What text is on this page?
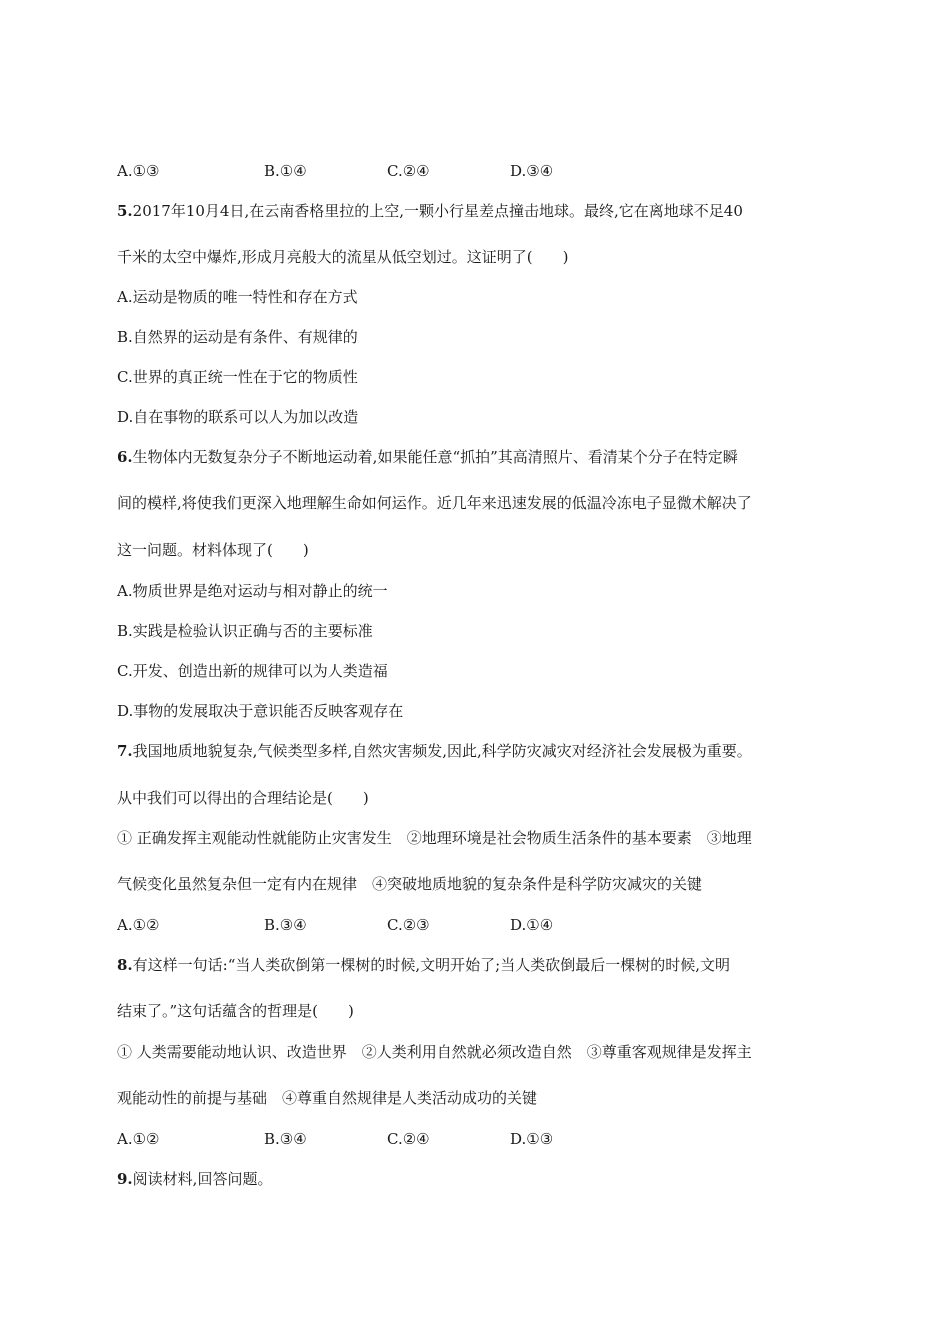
A.①③	B.①④	C.②④	D.③④
5.2017年10月4日,在云南香格里拉的上空,一颗小行星差点撞击地球。最终,它在离地球不足40
千米的太空中爆炸,形成月亮般大的流星从低空划过。这证明了(　　)
A.运动是物质的唯一特性和存在方式
B.自然界的运动是有条件、有规律的
C.世界的真正统一性在于它的物质性
D.自在事物的联系可以人为加以改造
6.生物体内无数复杂分子不断地运动着,如果能任意“抓拍”其高清照片、看清某个分子在特定瞬
间的模样,将使我们更深入地理解生命如何运作。近几年来迅速发展的低温冷冻电子显微术解决了
这一问题。材料体现了(　　)
A.物质世界是绝对运动与相对静止的统一
B.实践是检验认识正确与否的主要标准
C.开发、创造出新的规律可以为人类造福
D.事物的发展取决于意识能否反映客观存在
7.我国地质地貌复杂,气候类型多样,自然灾害频发,因此,科学防灾减灾对经济社会发展极为重要。
从中我们可以得出的合理结论是(　　)
① 正确发挥主观能动性就能防止灾害发生　②地理环境是社会物质生活条件的基本要素　③地理
气候变化虽然复杂但一定有内在规律　④突破地质地貌的复杂条件是科学防灾减灾的关键
A.①②	B.③④	C.②③	D.①④
8.有这样一句话:“当人类砍倒第一棵树的时候,文明开始了;当人类砍倒最后一棵树的时候,文明
结束了。”这句话蕴含的哲理是(　　)
① 人类需要能动地认识、改造世界　②人类利用自然就必须改造自然　③尊重客观规律是发挥主
观能动性的前提与基础　④尊重自然规律是人类活动成功的关键
A.①②	B.③④	C.②④	D.①③
9.阅读材料,回答问题。
